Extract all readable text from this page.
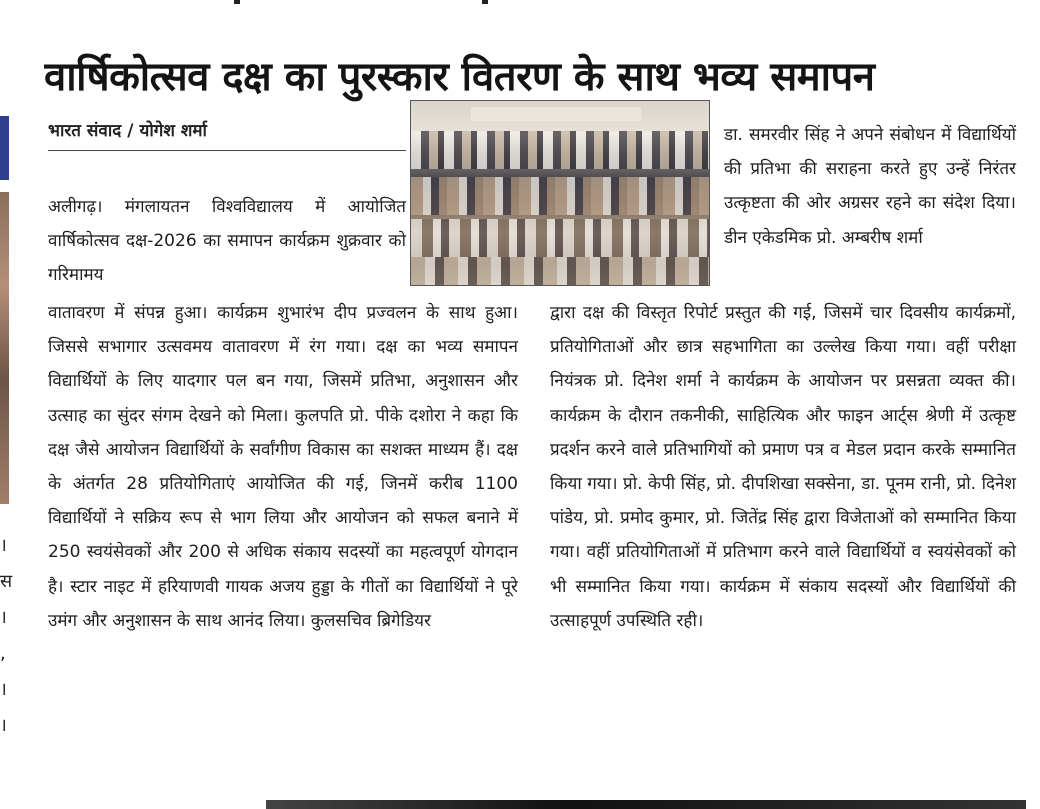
।
स
।
,
।
।
वार्षिकोत्सव दक्ष का पुरस्कार वितरण के साथ भव्य समापन
भारत संवाद / योगेश शर्मा

अलीगढ़। मंगलायतन विश्वविद्यालय में आयोजित वार्षिकोत्सव दक्ष-2026 का समापन कार्यक्रम शुक्रवार को गरिमामय

वातावरण में संपन्न हुआ। कार्यक्रम शुभारंभ दीप प्रज्वलन के साथ हुआ। जिससे सभागार उत्सवमय वातावरण में रंग गया। दक्ष का भव्य समापन विद्यार्थियों के लिए यादगार पल बन गया, जिसमें प्रतिभा, अनुशासन और उत्साह का सुंदर संगम देखने को मिला। कुलपति प्रो. पीके दशोरा ने कहा कि दक्ष जैसे आयोजन विद्यार्थियों के सर्वांगीण विकास का सशक्त माध्यम हैं। दक्ष के अंतर्गत 28 प्रतियोगिताएं आयोजित की गई, जिनमें करीब 1100 विद्यार्थियों ने सक्रिय रूप से भाग लिया और आयोजन को सफल बनाने में 250 स्वयंसेवकों और 200 से अधिक संकाय सदस्यों का महत्वपूर्ण योगदान है। स्टार नाइट में हरियाणवी गायक अजय हुड्डा के गीतों का विद्यार्थियों ने पूरे उमंग और अनुशासन के साथ आनंद लिया। कुलसचिव ब्रिगेडियर

डा. समरवीर सिंह ने अपने संबोधन में विद्यार्थियों की प्रतिभा की सराहना करते हुए उन्हें निरंतर उत्कृष्टता की ओर अग्रसर रहने का संदेश दिया। डीन एकेडमिक प्रो. अम्बरीष शर्मा

द्वारा दक्ष की विस्तृत रिपोर्ट प्रस्तुत की गई, जिसमें चार दिवसीय कार्यक्रमों, प्रतियोगिताओं और छात्र सहभागिता का उल्लेख किया गया। वहीं परीक्षा नियंत्रक प्रो. दिनेश शर्मा ने कार्यक्रम के आयोजन पर प्रसन्नता व्यक्त की। कार्यक्रम के दौरान तकनीकी, साहित्यिक और फाइन आर्ट्स श्रेणी में उत्कृष्ट प्रदर्शन करने वाले प्रतिभागियों को प्रमाण पत्र व मेडल प्रदान करके सम्मानित किया गया। प्रो. केपी सिंह, प्रो. दीपशिखा सक्सेना, डा. पूनम रानी, प्रो. दिनेश पांडेय, प्रो. प्रमोद कुमार, प्रो. जितेंद्र सिंह द्वारा विजेताओं को सम्मानित किया गया। वहीं प्रतियोगिताओं में प्रतिभाग करने वाले विद्यार्थियों व स्वयंसेवकों को भी सम्मानित किया गया। कार्यक्रम में संकाय सदस्यों और विद्यार्थियों की उत्साहपूर्ण उपस्थिति रही।
